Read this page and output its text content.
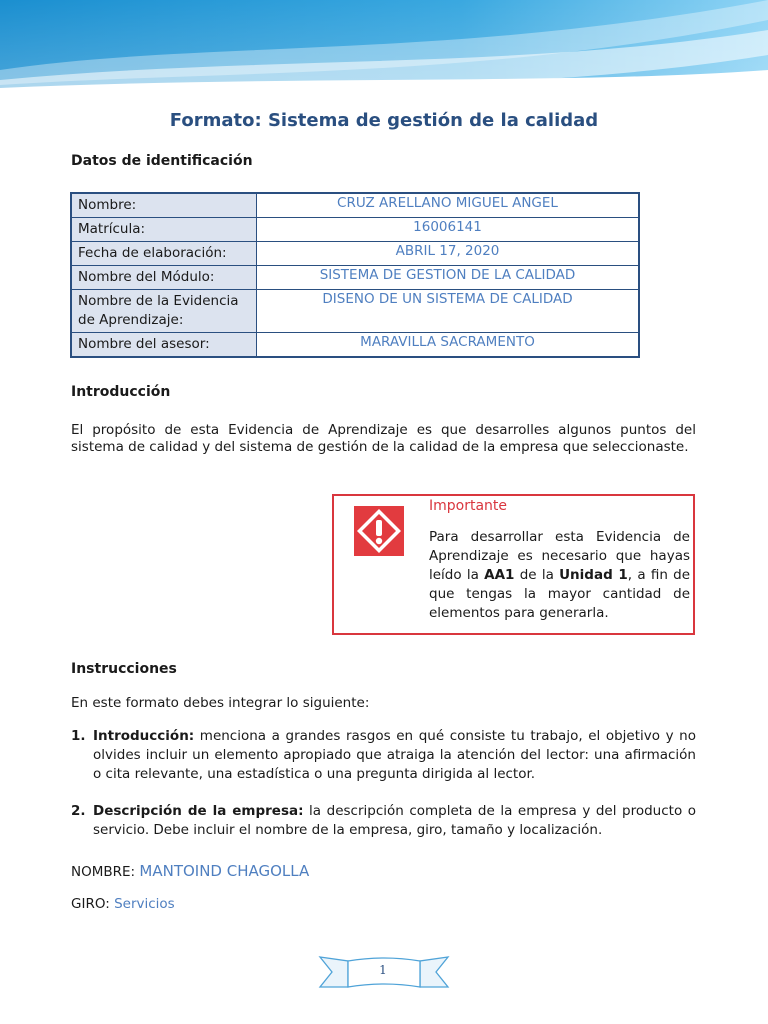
Formato: Sistema de gestión de la calidad
Datos de identificación
Nombre:	CRUZ ARELLANO MIGUEL ANGEL
Matrícula:	16006141
Fecha de elaboración:	ABRIL 17, 2020
Nombre del Módulo:	SISTEMA DE GESTION DE LA CALIDAD
Nombre de la Evidencia de Aprendizaje:	DISENO DE UN SISTEMA DE CALIDAD
Nombre del asesor:	MARAVILLA SACRAMENTO
Introducción
El propósito de esta Evidencia de Aprendizaje es que desarrolles algunos puntos del sistema de calidad y del sistema de gestión de la calidad de la empresa que seleccionaste.
Importante
Para desarrollar esta Evidencia de Aprendizaje es necesario que hayas leído la AA1 de la Unidad 1, a fin de que tengas la mayor cantidad de elementos para generarla.
Instrucciones
En este formato debes integrar lo siguiente:
1. Introducción: menciona a grandes rasgos en qué consiste tu trabajo, el objetivo y no olvides incluir un elemento apropiado que atraiga la atención del lector: una afirmación o cita relevante, una estadística o una pregunta dirigida al lector.
2. Descripción de la empresa: la descripción completa de la empresa y del producto o servicio. Debe incluir el nombre de la empresa, giro, tamaño y localización.
NOMBRE: MANTOIND CHAGOLLA
GIRO: Servicios
1
